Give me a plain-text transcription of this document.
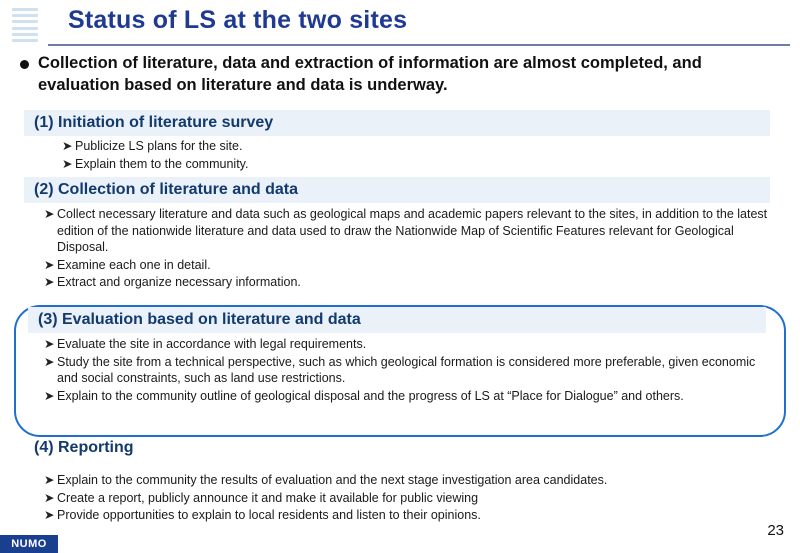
Status of LS at the two sites
Collection of literature, data and extraction of information are almost completed, and evaluation based on literature and data is underway.
(1) Initiation of literature survey
➤ Publicize LS plans for the site.
➤ Explain them to the community.
(2) Collection of literature and data
➤ Collect necessary literature and data such as geological maps and academic papers relevant to the sites, in addition to the latest edition of the nationwide literature and data used to draw the Nationwide Map of Scientific Features relevant for Geological Disposal.
➤ Examine each one in detail.
➤ Extract and organize necessary information.
(3) Evaluation based on literature and data
➤ Evaluate the site in accordance with legal requirements.
➤ Study the site from a technical perspective, such as which geological formation is considered more preferable, given economic and social constraints, such as land use restrictions.
➤ Explain to the community outline of geological disposal and the progress of LS at “Place for Dialogue” and others.
(4) Reporting
➤ Explain to the community the results of evaluation and the next stage investigation area candidates.
➤ Create a report, publicly announce it and make it available for public viewing
➤ Provide opportunities to explain to local residents and listen to their opinions.
NUMO
23
